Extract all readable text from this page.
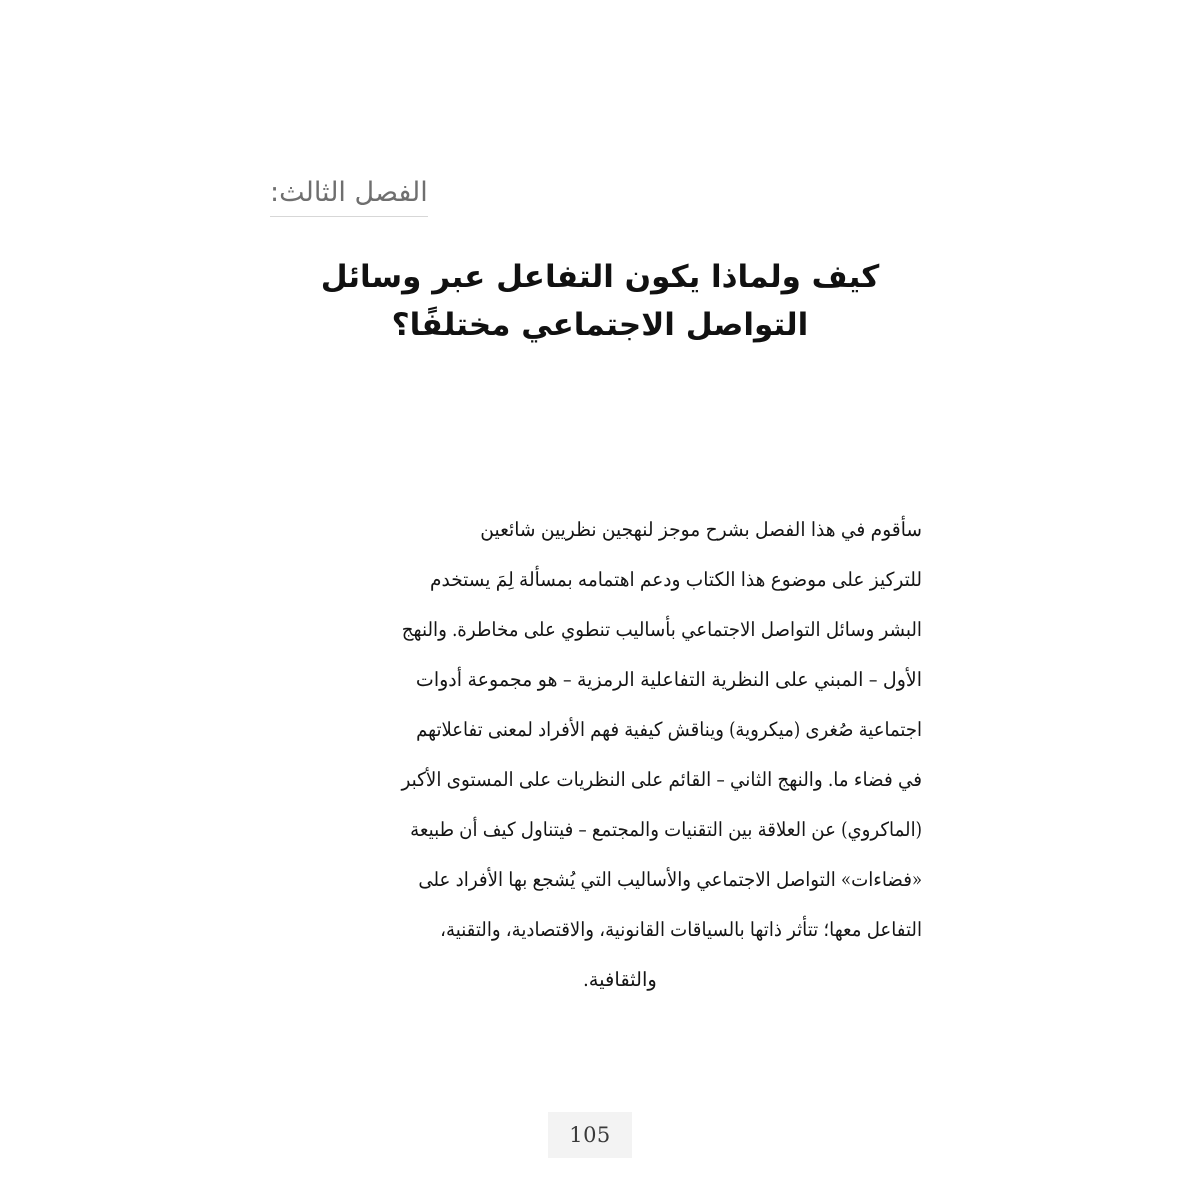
الفصل الثالث:
كيف ولماذا يكون التفاعل عبر وسائل
التواصل الاجتماعي مختلفًا؟
سأقوم في هذا الفصل بشرح موجز لنهجين نظريين شائعين
للتركيز على موضوع هذا الكتاب ودعم اهتمامه بمسألة لِمَ يستخدم
البشر وسائل التواصل الاجتماعي بأساليب تنطوي على مخاطرة. والنهج
الأول – المبني على النظرية التفاعلية الرمزية – هو مجموعة أدوات
اجتماعية صُغرى (ميكروية) ويناقش كيفية فهم الأفراد لمعنى تفاعلاتهم
في فضاء ما. والنهج الثاني – القائم على النظريات على المستوى الأكبر
(الماكروي) عن العلاقة بين التقنيات والمجتمع – فيتناول كيف أن طبيعة
«فضاءات» التواصل الاجتماعي والأساليب التي يُشجع بها الأفراد على
التفاعل معها؛ تتأثر ذاتها بالسياقات القانونية، والاقتصادية، والتقنية،
والثقافية.
105
